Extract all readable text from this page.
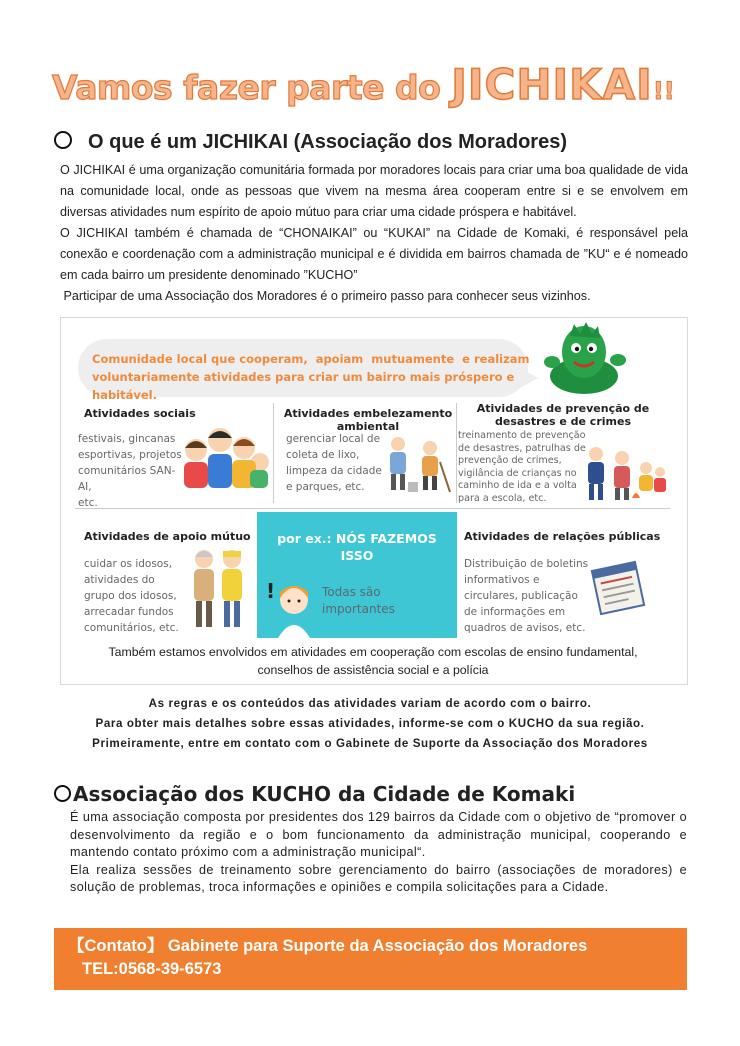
Vamos fazer parte do JICHIKAI!!
O que é um JICHIKAI (Associação dos Moradores)

O JICHIKAI é uma organização comunitária formada por moradores locais para criar uma boa qualidade de vida na comunidade local, onde as pessoas que vivem na mesma área cooperam entre si e se envolvem em diversas atividades num espírito de apoio mútuo para criar uma cidade próspera e habitável.

O JICHIKAI também é chamada de “CHONAIKAI” ou “KUKAI” na Cidade de Komaki, é responsável pela conexão e coordenação com a administração municipal e é dividida em bairros chamada de ”KU“ e é nomeado em cada bairro um presidente denominado ”KUCHO”

Participar de uma Associação dos Moradores é o primeiro passo para conhecer seus vizinhos.

Comunidade local que cooperam,  apoiam  mutuamente  e realizam
voluntariamente atividades para criar um bairro mais próspero e habitável.
Atividades sociais
festivais, gincanas
esportivas, projetos
comunitários SAN-AI,
etc.
Atividades embelezamento
ambiental
gerenciar local de
coleta de lixo,
limpeza da cidade
e parques, etc.
Atividades de prevenção de
desastres e de crimes
treinamento de prevenção
de desastres, patrulhas de
prevenção de crimes,
vigilância de crianças no
caminho de ida e a volta
para a escola, etc.
Atividades de apoio mútuo
cuidar os idosos,
atividades do
grupo dos idosos,
arrecadar fundos
comunitários, etc.
por ex.: NÓS FAZEMOS
ISSO
!	Todas são
importantes
Atividades de relações públicas
Distribuição de boletins
informativos e
circulares, publicação
de informações em
quadros de avisos, etc.
Também estamos envolvidos em atividades em cooperação com escolas de ensino fundamental,
conselhos de assistência social e a polícia
As regras e os conteúdos das atividades variam de acordo com o bairro.
Para obter mais detalhes sobre essas atividades, informe-se com o KUCHO da sua região.
Primeiramente, entre em contato com o Gabinete de Suporte da Associação dos Moradores
Associação dos KUCHO da Cidade de Komaki

É uma associação composta por presidentes dos 129 bairros da Cidade com o objetivo de “promover o desenvolvimento da região e o bom funcionamento da administração municipal, cooperando e mantendo contato próximo com a administração municipal“.

Ela realiza sessões de treinamento sobre gerenciamento do bairro (associações de moradores) e solução de problemas, troca informações e opiniões e compila solicitações para a Cidade.

【Contato】 Gabinete para Suporte da Associação dos Moradores
TEL:0568-39-6573
